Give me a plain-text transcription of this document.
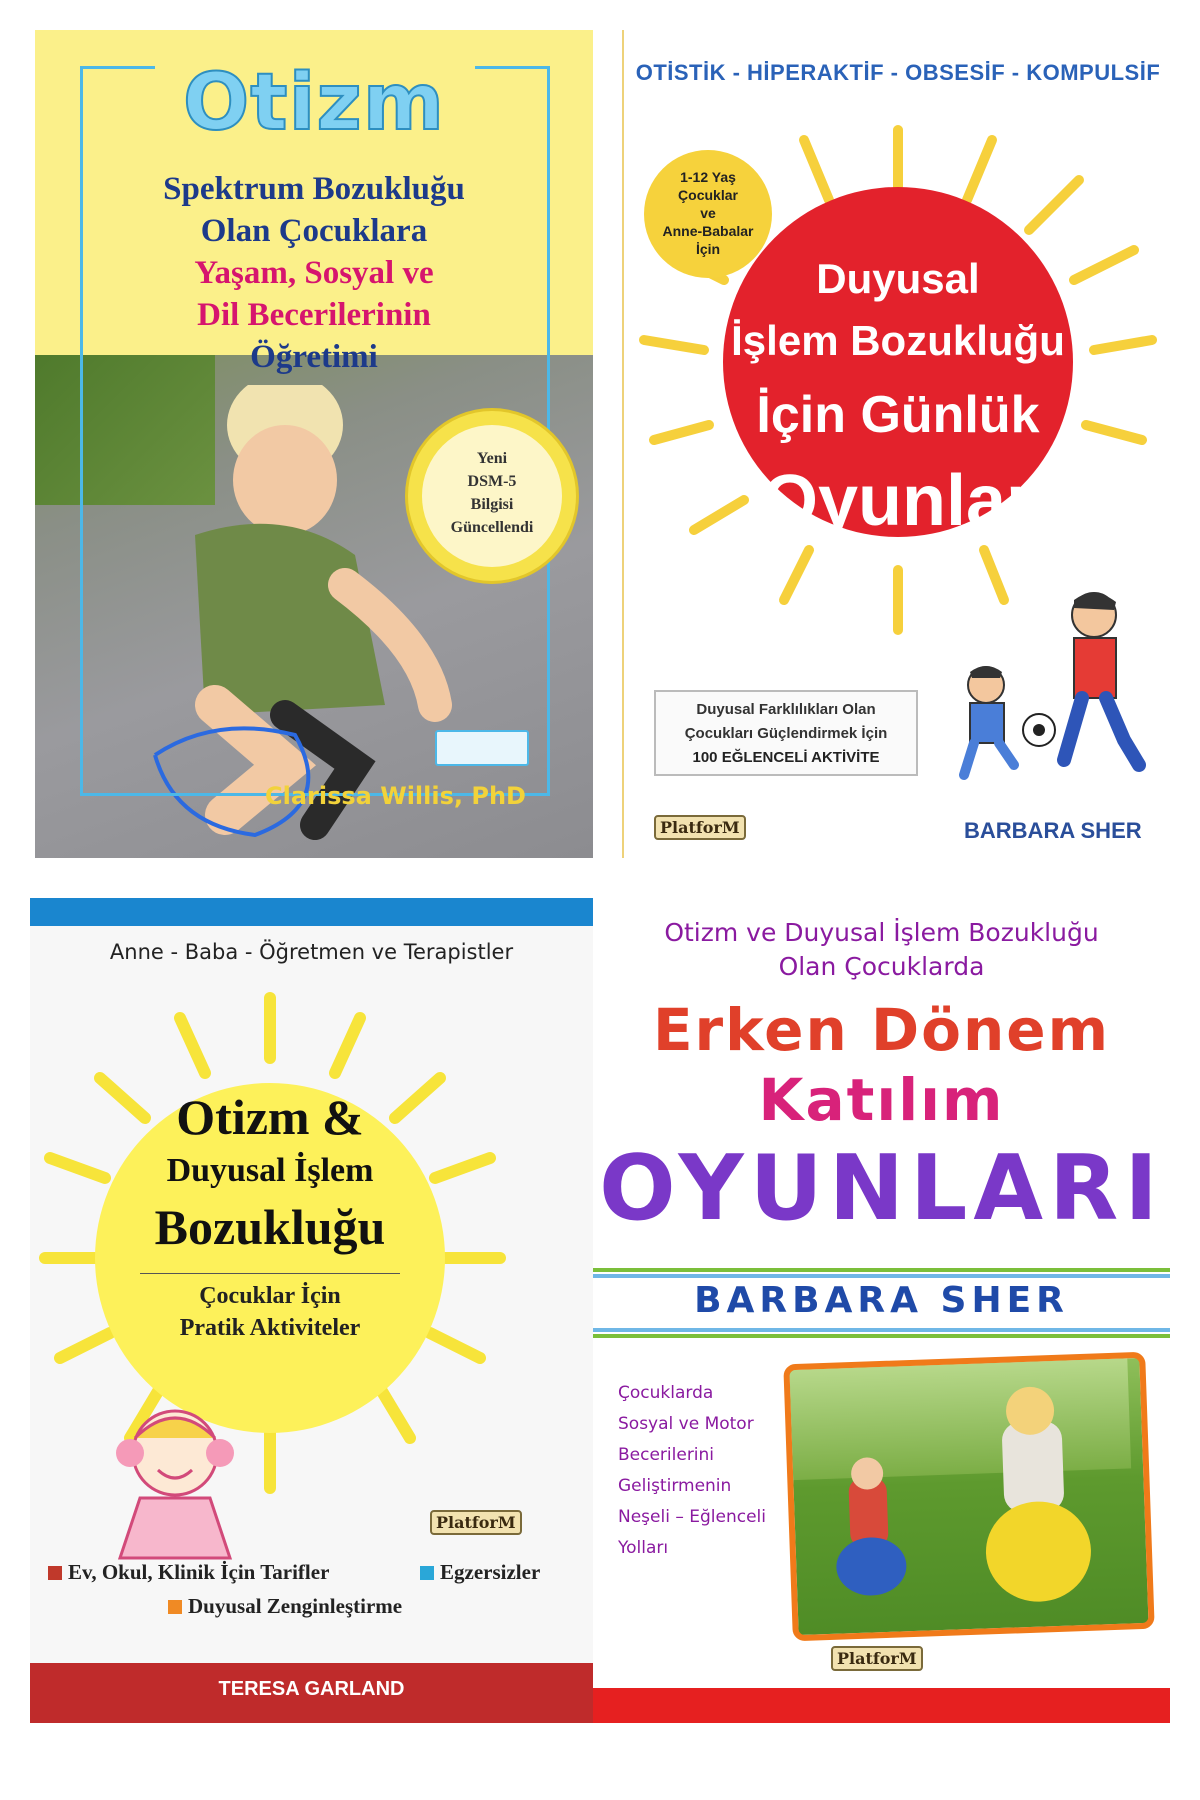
Otizm
Spektrum Bozukluğu
Olan Çocuklara
Yaşam, Sosyal ve
Dil Becerilerinin
Öğretimi
Yeni
DSM-5
Bilgisi
Güncellendi
Clarissa Willis, PhD
OTİSTİK - HİPERAKTİF - OBSESİF - KOMPULSİF
1-12 Yaş
Çocuklar
ve
Anne-Babalar
İçin
Duyusal
İşlem Bozukluğu
İçin Günlük
Oyunlar
Duyusal Farklılıkları Olan
Çocukları Güçlendirmek İçin
100 EĞLENCELİ AKTİVİTE
PlatforM	BARBARA SHER
Anne - Baba - Öğretmen ve Terapistler
Otizm &
Duyusal İşlem
Bozukluğu
Çocuklar İçin
Pratik Aktiviteler
PlatforM
Ev, Okul, Klinik İçin Tarifler	Egzersizler
Duyusal Zenginleştirme
TERESA GARLAND
Otizm ve Duyusal İşlem Bozukluğu
Olan Çocuklarda
Erken Dönem
Katılım
OYUNLARI
BARBARA SHER
Çocuklarda
Sosyal ve Motor
Becerilerini
Geliştirmenin
Neşeli – Eğlenceli
Yolları
PlatforM
